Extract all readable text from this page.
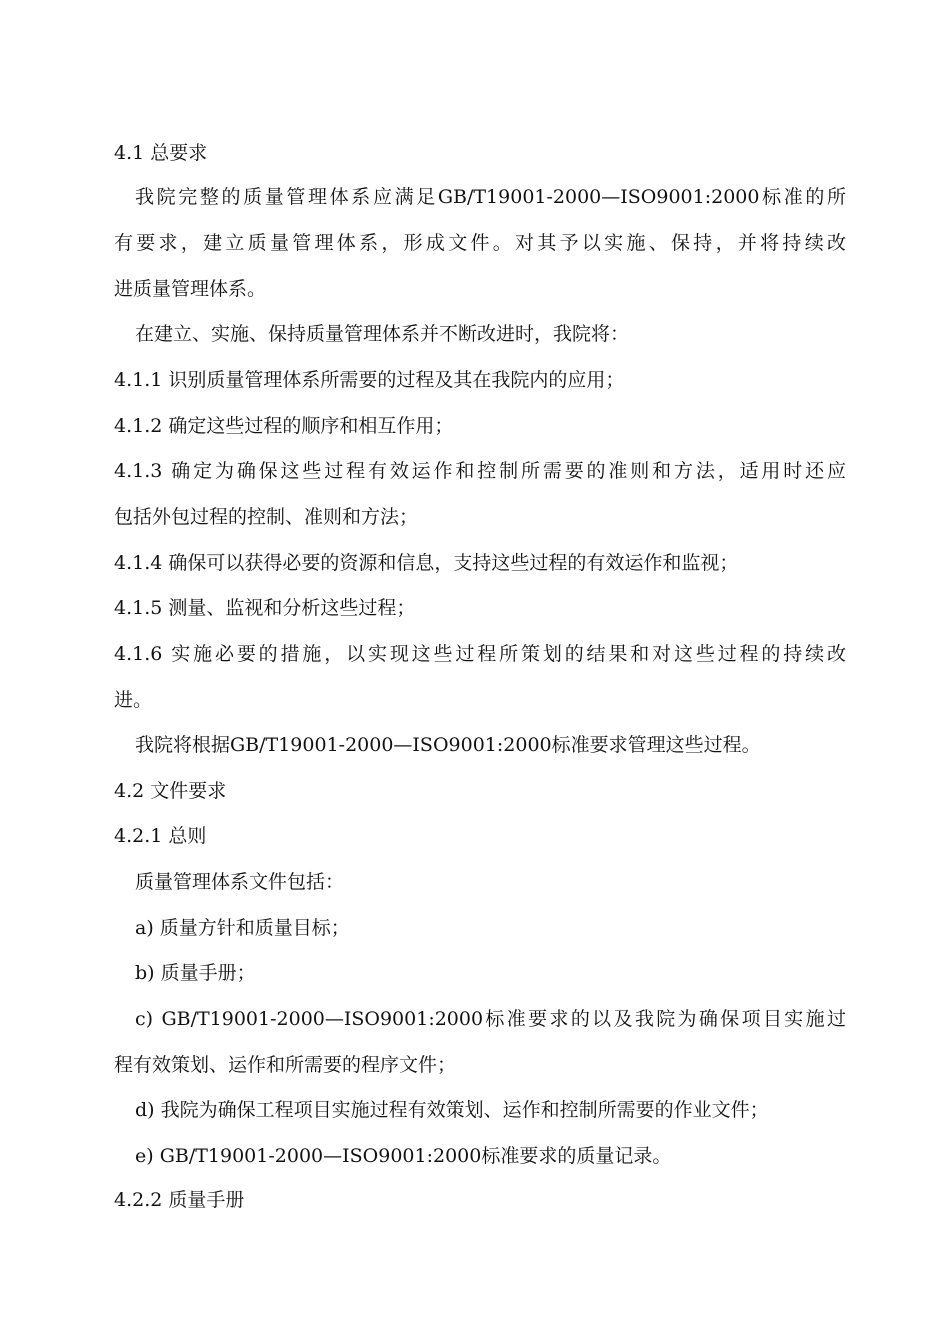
4.1 总要求
我院完整的质量管理体系应满足GB/T19001-2000—ISO9001:2000标准的所
有要求，建立质量管理体系，形成文件。对其予以实施、保持，并将持续改
进质量管理体系。
在建立、实施、保持质量管理体系并不断改进时，我院将：
4.1.1 识别质量管理体系所需要的过程及其在我院内的应用；
4.1.2 确定这些过程的顺序和相互作用；
4.1.3 确定为确保这些过程有效运作和控制所需要的准则和方法，适用时还应
包括外包过程的控制、准则和方法；
4.1.4 确保可以获得必要的资源和信息，支持这些过程的有效运作和监视；
4.1.5 测量、监视和分析这些过程；
4.1.6 实施必要的措施，以实现这些过程所策划的结果和对这些过程的持续改
进。
我院将根据GB/T19001-2000—ISO9001:2000标准要求管理这些过程。
4.2 文件要求
4.2.1 总则
质量管理体系文件包括：
a) 质量方针和质量目标；
b) 质量手册；
c) GB/T19001-2000—ISO9001:2000标准要求的以及我院为确保项目实施过
程有效策划、运作和所需要的程序文件；
d) 我院为确保工程项目实施过程有效策划、运作和控制所需要的作业文件；
e) GB/T19001-2000—ISO9001:2000标准要求的质量记录。
4.2.2 质量手册
